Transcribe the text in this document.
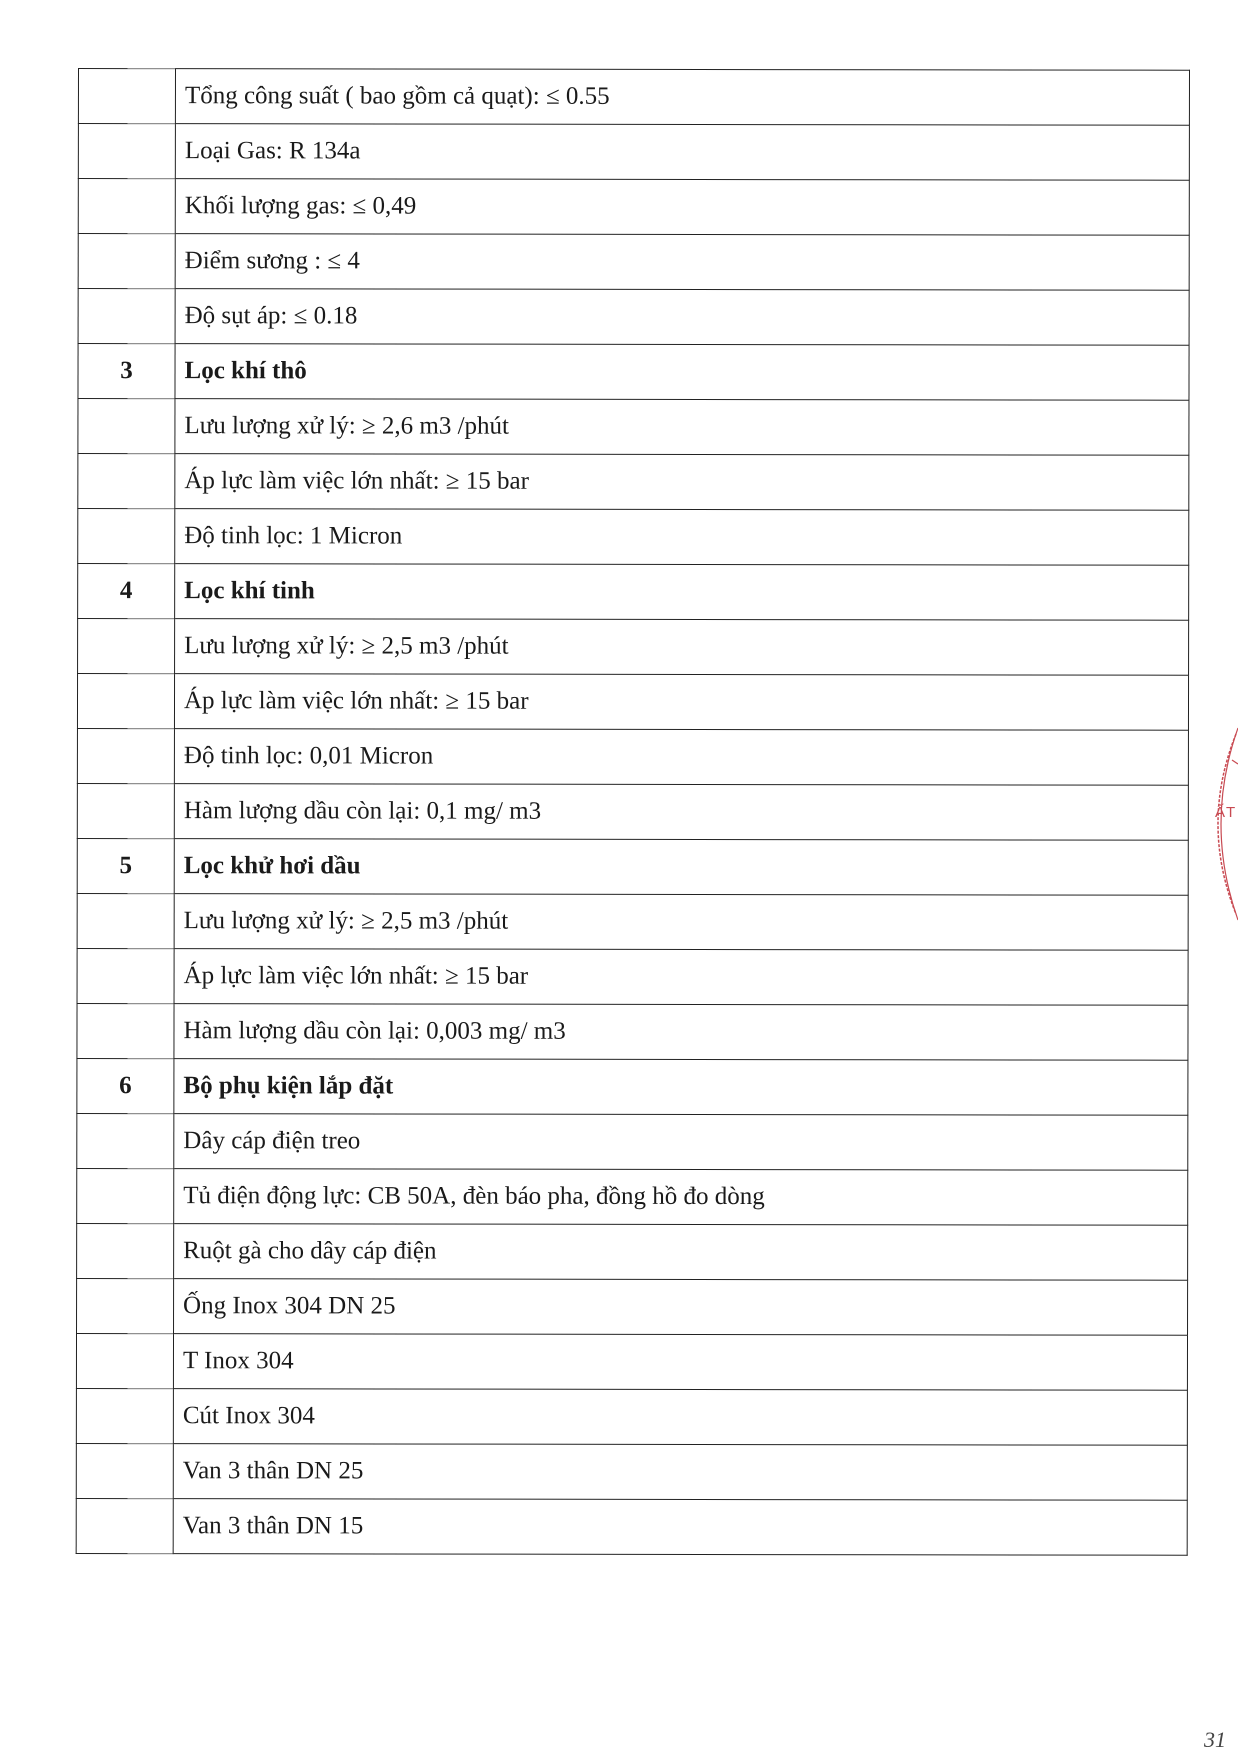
	Tổng công suất ( bao gồm cả quạt): ≤ 0.55
	Loại Gas: R 134a
	Khối lượng gas: ≤ 0,49
	Điểm sương : ≤ 4
	Độ sụt áp: ≤ 0.18
3	Lọc khí thô
	Lưu lượng xử lý: ≥ 2,6 m3 /phút
	Áp lực làm việc lớn nhất: ≥ 15 bar
	Độ tinh lọc: 1 Micron
4	Lọc khí tinh
	Lưu lượng xử lý: ≥ 2,5 m3 /phút
	Áp lực làm việc lớn nhất: ≥ 15 bar
	Độ tinh lọc: 0,01 Micron
	Hàm lượng dầu còn lại: 0,1 mg/ m3
5	Lọc khử hơi dầu
	Lưu lượng xử lý: ≥ 2,5 m3 /phút
	Áp lực làm việc lớn nhất: ≥ 15 bar
	Hàm lượng dầu còn lại: 0,003 mg/ m3
6	Bộ phụ kiện lắp đặt
	Dây cáp điện treo
	Tủ điện động lực: CB 50A, đèn báo pha, đồng hồ đo dòng
	Ruột gà cho dây cáp điện
	Ống Inox 304 DN 25
	T Inox 304
	Cút Inox 304
	Van 3 thân DN 25
	Van 3 thân DN 15
ẤT
31
